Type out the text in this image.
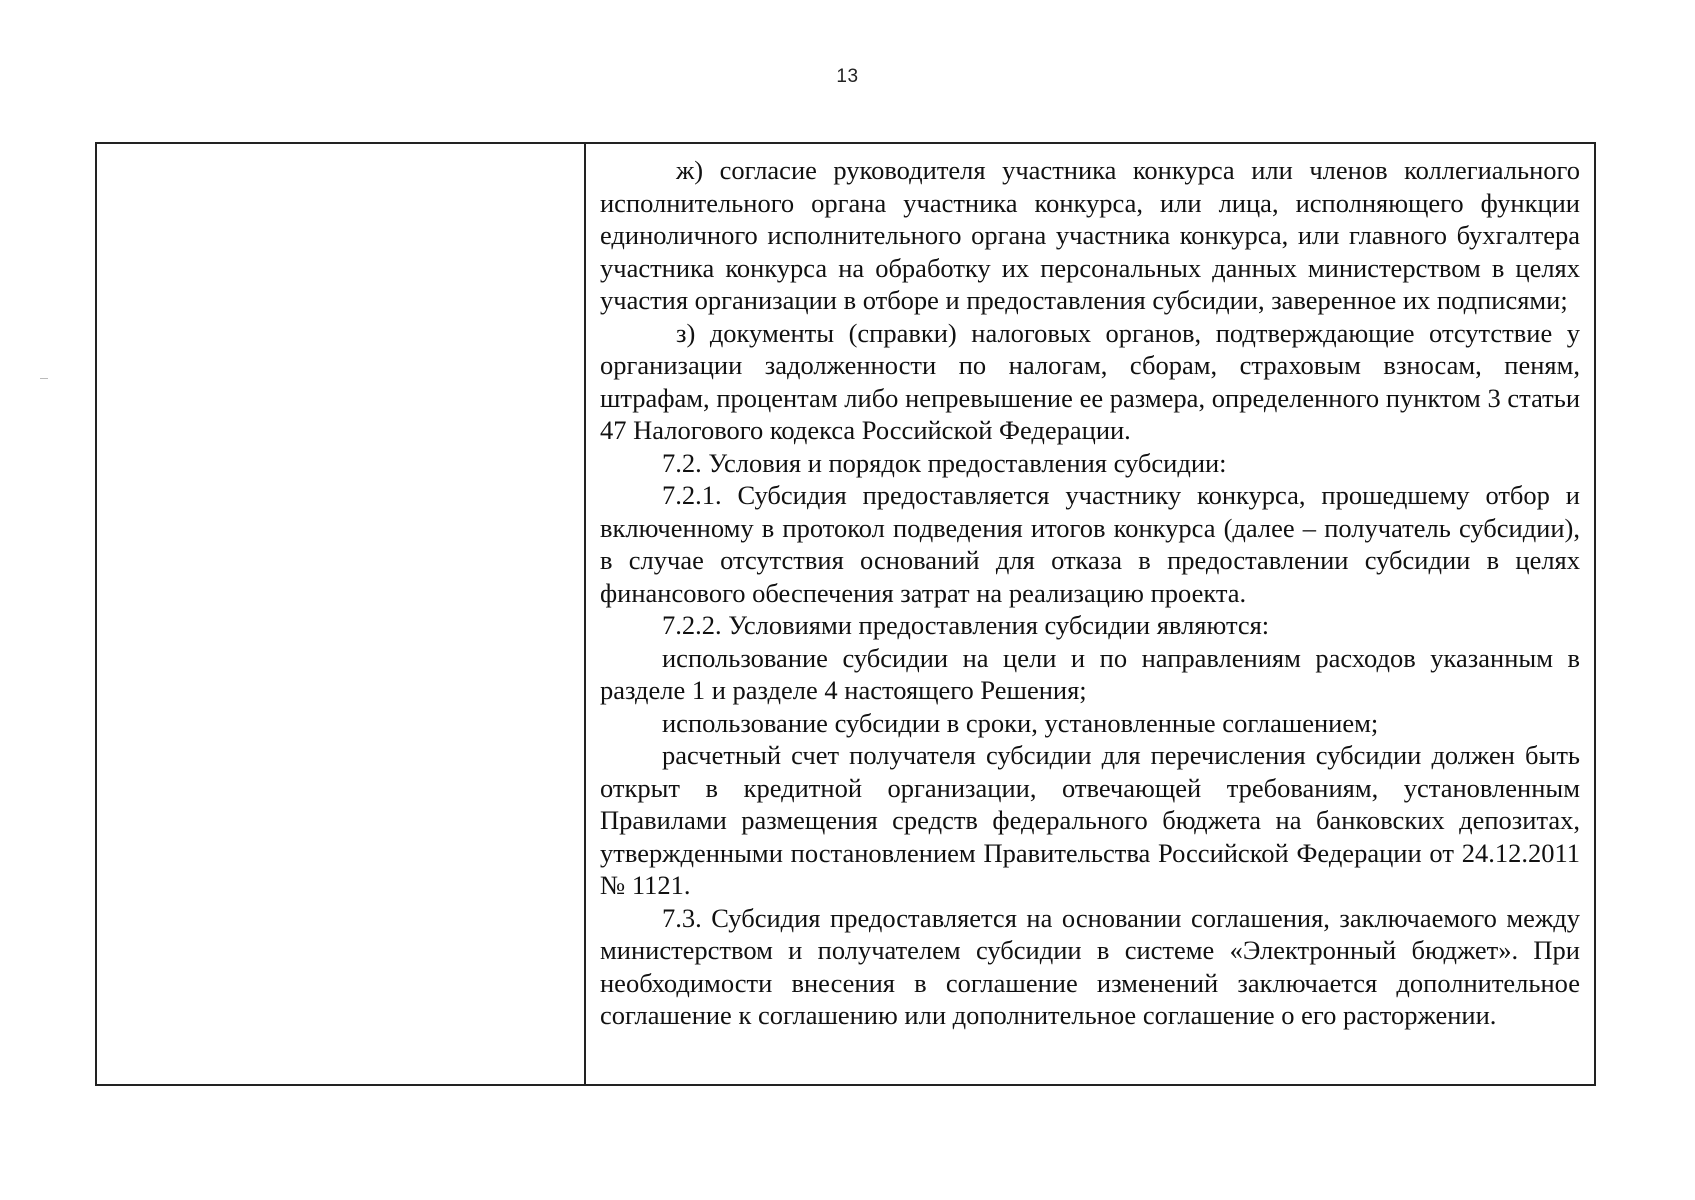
13

ж) согласие руководителя участника конкурса или членов коллегиального исполнительного органа участника конкурса, или лица, исполняющего функции единоличного исполнительного органа участника конкурса, или главного бухгалтера участника конкурса на обработку их персональных данных министерством в целях участия организации в отборе и предоставления субсидии, заверенное их подписями;

з) документы (справки) налоговых органов, подтверждающие отсутствие у организации задолженности по налогам, сборам, страховым взносам, пеням, штрафам, процентам либо непревышение ее размера, определенного пунктом 3 статьи 47 Налогового кодекса Российской Федерации.

7.2. Условия и порядок предоставления субсидии:

7.2.1. Субсидия предоставляется участнику конкурса, прошедшему отбор и включенному в протокол подведения итогов конкурса (далее – получатель субсидии), в случае отсутствия оснований для отказа в предоставлении субсидии в целях финансового обеспечения затрат на реализацию проекта.

7.2.2. Условиями предоставления субсидии являются:

использование субсидии на цели и по направлениям расходов указанным в разделе 1 и разделе 4 настоящего Решения;

использование субсидии в сроки, установленные соглашением;

расчетный счет получателя субсидии для перечисления субсидии должен быть открыт в кредитной организации, отвечающей требованиям, установленным Правилами размещения средств федерального бюджета на банковских депозитах, утвержденными постановлением Правительства Российской Федерации от 24.12.2011 № 1121.

7.3. Субсидия предоставляется на основании соглашения, заключаемого между министерством и получателем субсидии в системе «Электронный бюджет». При необходимости внесения в соглашение изменений заключается дополнительное соглашение к соглашению или дополнительное соглашение о его расторжении.
